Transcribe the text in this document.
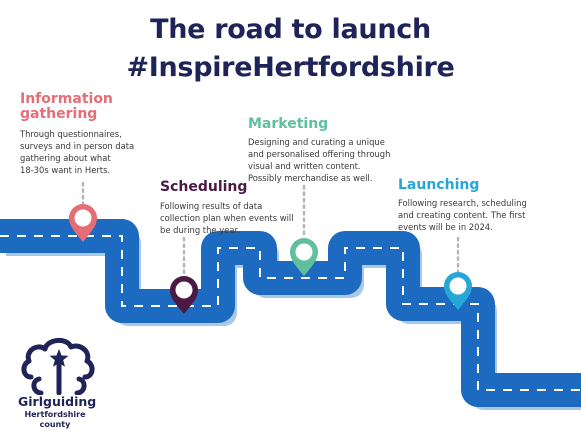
The road to launch
#InspireHertfordshire
Information
gathering
Through questionnaires,
surveys and in person data
gathering about what
18-30s want in Herts.
Scheduling
Following results of data
collection plan when events will
be during the year.
Marketing
Designing and curating a unique
and personalised offering through
visual and written content.
Possibly merchandise as well.	Launching
Following research, scheduling
and creating content. The first
events will be in 2024.
Girlguiding
Hertfordshire
county
